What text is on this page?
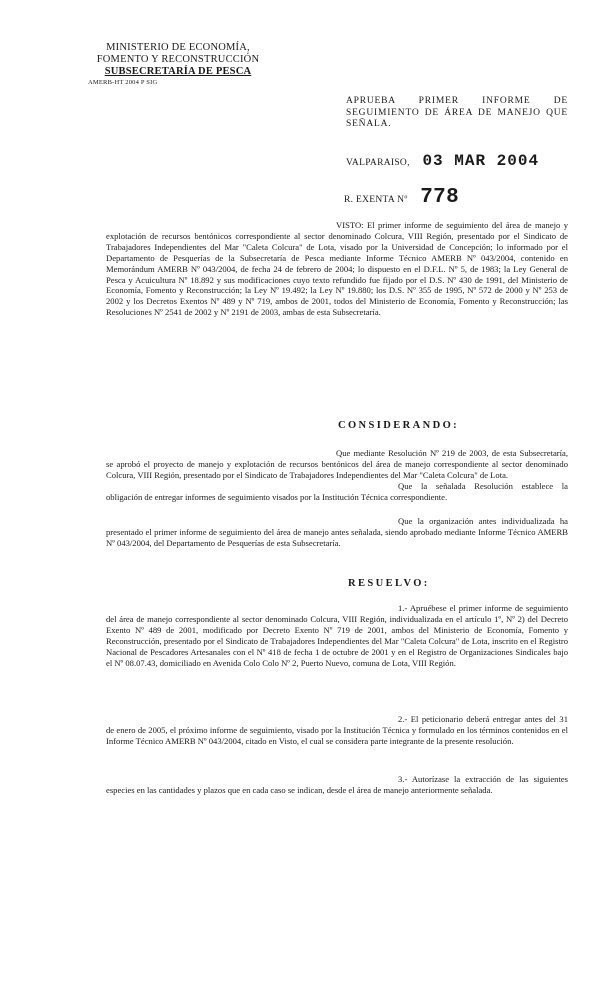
MINISTERIO DE ECONOMÍA,
FOMENTO Y RECONSTRUCCIÓN
SUBSECRETARÍA DE PESCA
AMERB-HT 2004 P SIG
APRUEBA PRIMER INFORME DE SEGUIMIENTO DE ÁREA DE MANEJO QUE SEÑALA.
VALPARAISO, 03 MAR 2004
R. EXENTA Nº 778

VISTO: El primer informe de seguimiento del área de manejo y explotación de recursos bentónicos correspondiente al sector denominado Colcura, VIII Región, presentado por el Sindicato de Trabajadores Independientes del Mar "Caleta Colcura" de Lota, visado por la Universidad de Concepción; lo informado por el Departamento de Pesquerías de la Subsecretaría de Pesca mediante Informe Técnico AMERB Nº 043/2004, contenido en Memorándum AMERB Nº 043/2004, de fecha 24 de febrero de 2004; lo dispuesto en el D.F.L. Nº 5, de 1983; la Ley General de Pesca y Acuicultura Nº 18.892 y sus modificaciones cuyo texto refundido fue fijado por el D.S. Nº 430 de 1991, del Ministerio de Economía, Fomento y Reconstrucción; la Ley Nº 19.492; la Ley Nº 19.880; los D.S. Nº 355 de 1995, Nº 572 de 2000 y Nº 253 de 2002 y los Decretos Exentos Nº 489 y Nº 719, ambos de 2001, todos del Ministerio de Economía, Fomento y Reconstrucción; las Resoluciones Nº 2541 de 2002 y Nº 2191 de 2003, ambas de esta Subsecretaría.

CONSIDERANDO:

Que mediante Resolución Nº 219 de 2003, de esta Subsecretaría, se aprobó el proyecto de manejo y explotación de recursos bentónicos del área de manejo correspondiente al sector denominado Colcura, VIII Región, presentado por el Sindicato de Trabajadores Independientes del Mar "Caleta Colcura" de Lota.

Que la señalada Resolución establece la obligación de entregar informes de seguimiento visados por la Institución Técnica correspondiente.

Que la organización antes individualizada ha presentado el primer informe de seguimiento del área de manejo antes señalada, siendo aprobado mediante Informe Técnico AMERB Nº 043/2004, del Departamento de Pesquerías de esta Subsecretaría.

RESUELVO:

1.- Apruébese el primer informe de seguimiento del área de manejo correspondiente al sector denominado Colcura, VIII Región, individualizada en el artículo 1º, Nº 2) del Decreto Exento Nº 489 de 2001, modificado por Decreto Exento Nº 719 de 2001, ambos del Ministerio de Economía, Fomento y Reconstrucción, presentado por el Sindicato de Trabajadores Independientes del Mar "Caleta Colcura" de Lota, inscrito en el Registro Nacional de Pescadores Artesanales con el Nº 418 de fecha 1 de octubre de 2001 y en el Registro de Organizaciones Sindicales bajo el Nº 08.07.43, domiciliado en Avenida Colo Colo Nº 2, Puerto Nuevo, comuna de Lota, VIII Región.

2.- El peticionario deberá entregar antes del 31 de enero de 2005, el próximo informe de seguimiento, visado por la Institución Técnica y formulado en los términos contenidos en el Informe Técnico AMERB Nº 043/2004, citado en Visto, el cual se considera parte integrante de la presente resolución.

3.- Autorízase la extracción de las siguientes especies en las cantidades y plazos que en cada caso se indican, desde el área de manejo anteriormente señalada.
